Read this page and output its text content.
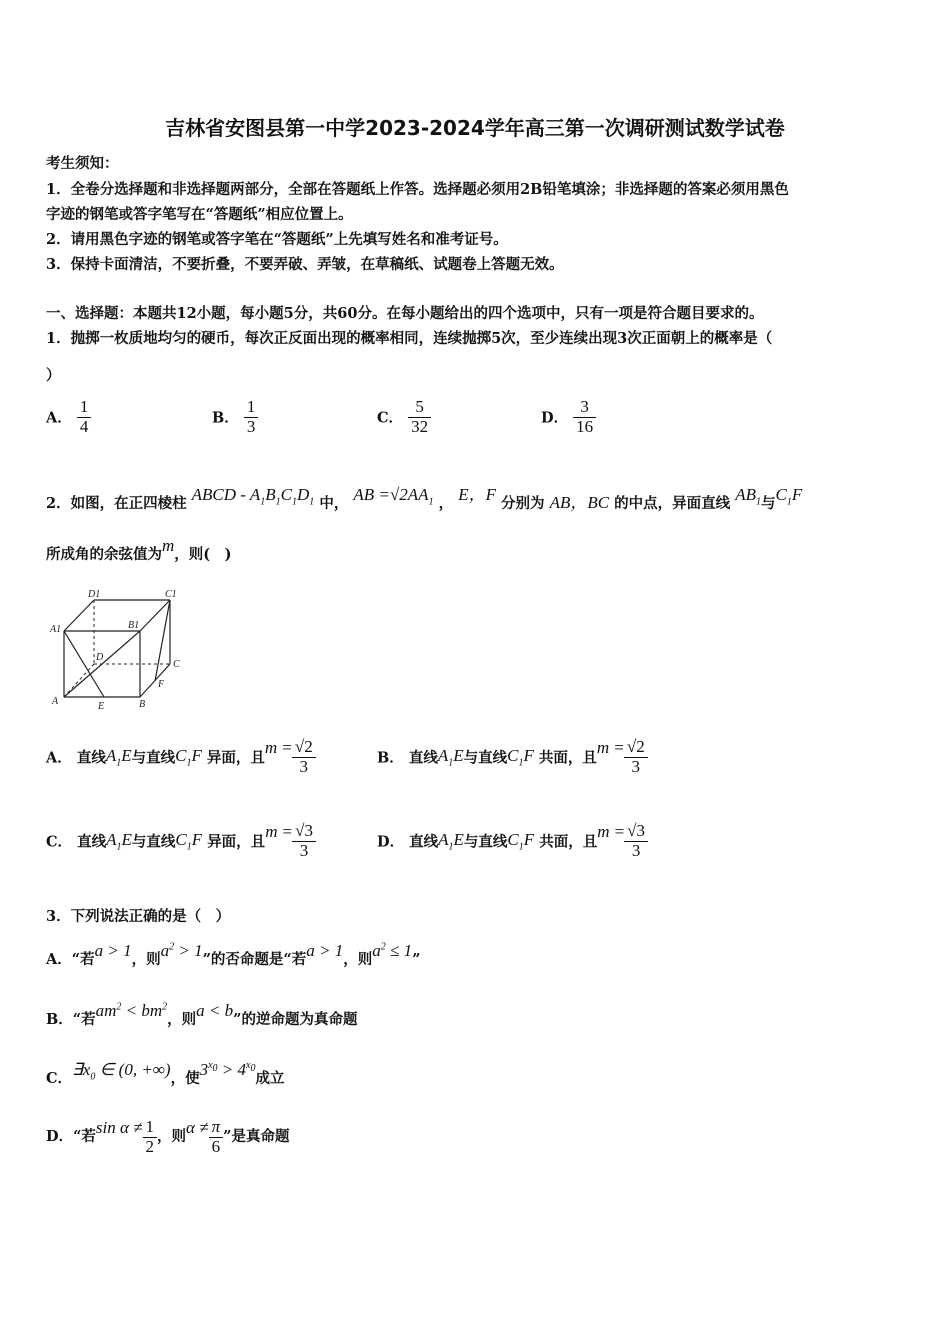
吉林省安图县第一中学2023-2024学年高三第一次调研测试数学试卷
考生须知：
1．全卷分选择题和非选择题两部分，全部在答题纸上作答。选择题必须用2B铅笔填涂；非选择题的答案必须用黑色
字迹的钢笔或答字笔写在“答题纸”相应位置上。
2．请用黑色字迹的钢笔或答字笔在“答题纸”上先填写姓名和准考证号。
3．保持卡面清洁，不要折叠，不要弄破、弄皱，在草稿纸、试题卷上答题无效。
一、选择题：本题共12小题，每小题5分，共60分。在每小题给出的四个选项中，只有一项是符合题目要求的。
1．抛掷一枚质地均匀的硬币，每次正反面出现的概率相同，连续抛掷5次，至少连续出现3次正面朝上的概率是（
）
A． $\frac{1}{4}$	B． $\frac{1}{3}$	C． $\frac{5}{32}$	D． $\frac{3}{16}$
2．如图，在正四棱柱 ABCD - $A_1B_1C_1D_1$ 中， AB $=√2AA_1$ ， E，F 分别为 AB，BC 的中点，异面直线 $AB_1$与$C_1F$
所成角的余弦值为m，则(　)
D1	C1
A1	B1
D
C
F
A	E	B
A． 直线$A_1E$与直线$C_1F$ 异面，且$m = \frac{√2}{3}$	B． 直线$A_1E$与直线$C_1F$ 共面，且$m = \frac{√2}{3}$
C． 直线$A_1E$与直线$C_1F$ 异面，且$m = \frac{√3}{3}$	D． 直线$A_1E$与直线$C_1F$ 共面，且$m = \frac{√3}{3}$
3．下列说法正确的是（　）
A．“若a > 1，则$a^2 > 1$”的否命题是“若a > 1，则$a^2 \le 1$”
B．“若$am^2 < bm^2$，则a < b”的逆命题为真命题
C．$\exists x_0$ ∈ (0, +∞)，使$3^{x_0} > 4^{x_0}$成立
D．“若$\sin \alpha \ne \frac{1}{2}$ ，则$\alpha \ne \frac{\pi}{6}$ ”是真命题
